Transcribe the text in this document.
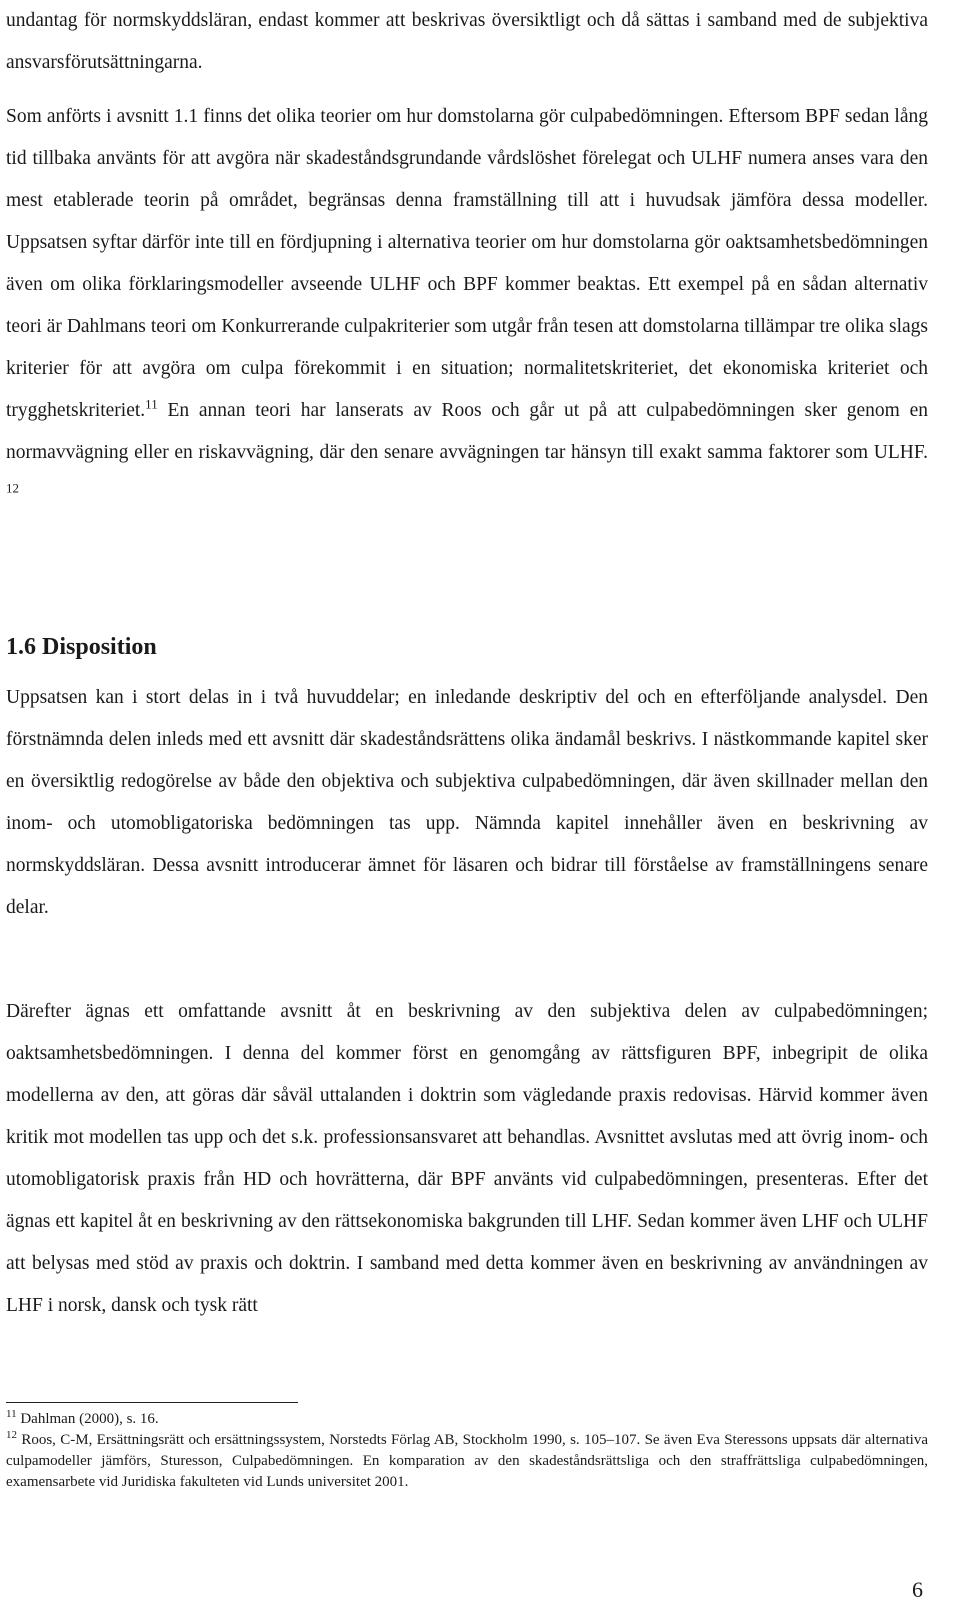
undantag för normskyddsläran, endast kommer att beskrivas översiktligt och då sättas i samband med de subjektiva ansvarsförutsättningarna.

Som anförts i avsnitt 1.1 finns det olika teorier om hur domstolarna gör culpabedömningen. Eftersom BPF sedan lång tid tillbaka använts för att avgöra när skadeståndsgrundande vårdslöshet förelegat och ULHF numera anses vara den mest etablerade teorin på området, begränsas denna framställning till att i huvudsak jämföra dessa modeller. Uppsatsen syftar därför inte till en fördjupning i alternativa teorier om hur domstolarna gör oaktsamhetsbedömningen även om olika förklaringsmodeller avseende ULHF och BPF kommer beaktas. Ett exempel på en sådan alternativ teori är Dahlmans teori om Konkurrerande culpakriterier som utgår från tesen att domstolarna tillämpar tre olika slags kriterier för att avgöra om culpa förekommit i en situation; normalitetskriteriet, det ekonomiska kriteriet och trygghetskriteriet.$^{11}$ En annan teori har lanserats av Roos och går ut på att culpabedömningen sker genom en normavvägning eller en riskavvägning, där den senare avvägningen tar hänsyn till exakt samma faktorer som ULHF. $^{12}$

1.6 Disposition

Uppsatsen kan i stort delas in i två huvuddelar; en inledande deskriptiv del och en efterföljande analysdel. Den förstnämnda delen inleds med ett avsnitt där skadeståndsrättens olika ändamål beskrivs. I nästkommande kapitel sker en översiktlig redogörelse av både den objektiva och subjektiva culpabedömningen, där även skillnader mellan den inom- och utomobligatoriska bedömningen tas upp. Nämnda kapitel innehåller även en beskrivning av normskyddsläran. Dessa avsnitt introducerar ämnet för läsaren och bidrar till förståelse av framställningens senare delar.

Därefter ägnas ett omfattande avsnitt åt en beskrivning av den subjektiva delen av culpabedömningen; oaktsamhetsbedömningen. I denna del kommer först en genomgång av rättsfiguren BPF, inbegripit de olika modellerna av den, att göras där såväl uttalanden i doktrin som vägledande praxis redovisas. Härvid kommer även kritik mot modellen tas upp och det s.k. professionsansvaret att behandlas. Avsnittet avslutas med att övrig inom- och utomobligatorisk praxis från HD och hovrätterna, där BPF använts vid culpabedömningen, presenteras. Efter det ägnas ett kapitel åt en beskrivning av den rättsekonomiska bakgrunden till LHF. Sedan kommer även LHF och ULHF att belysas med stöd av praxis och doktrin. I samband med detta kommer även en beskrivning av användningen av LHF i norsk, dansk och tysk rätt

$^{11}$ Dahlman (2000), s. 16.

$^{12}$ Roos, C-M, Ersättningsrätt och ersättningssystem, Norstedts Förlag AB, Stockholm 1990, s. 105–107. Se även Eva Steressons uppsats där alternativa culpamodeller jämförs, Sturesson, Culpabedömningen. En komparation av den skadeståndsrättsliga och den straffrättsliga culpabedömningen, examensarbete vid Juridiska fakulteten vid Lunds universitet 2001.

6
